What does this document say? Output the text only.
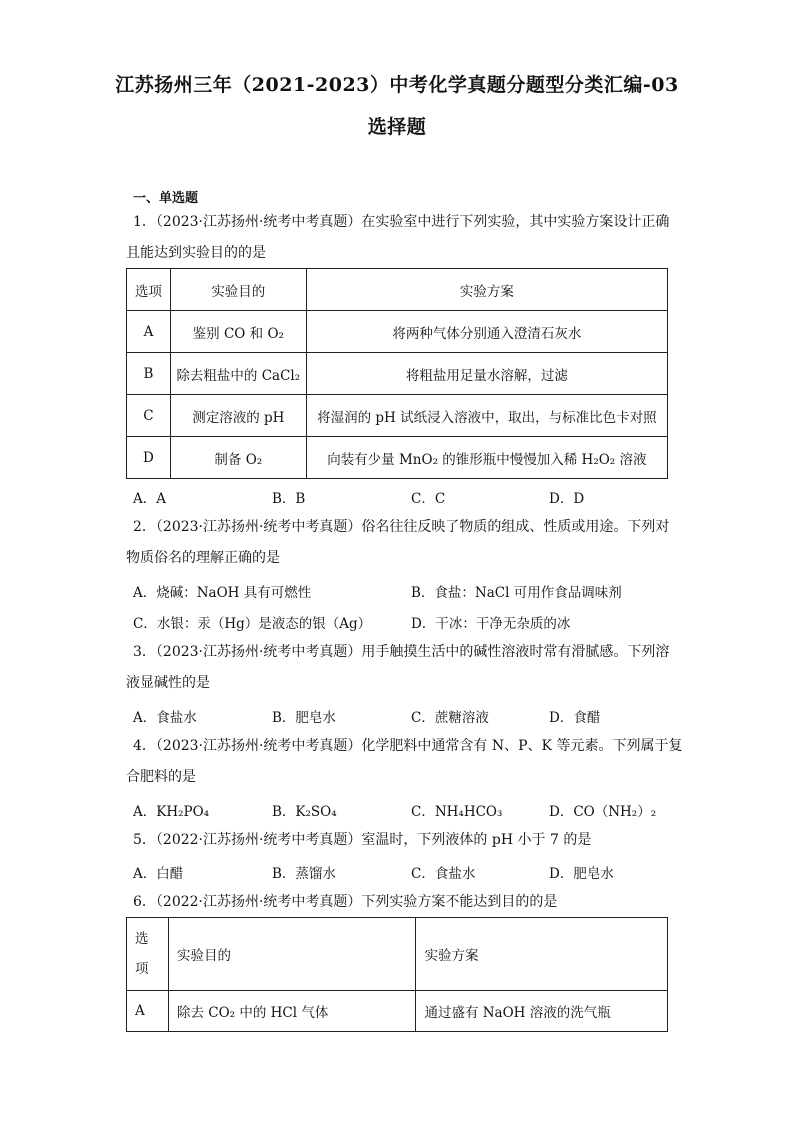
江苏扬州三年（2021-2023）中考化学真题分题型分类汇编-03
选择题
一、单选题
1．（2023·江苏扬州·统考中考真题）在实验室中进行下列实验，其中实验方案设计正确
且能达到实验目的的是
选项	实验目的	实验方案
A	鉴别 CO 和 O₂	将两种气体分别通入澄清石灰水
B	除去粗盐中的 CaCl₂	将粗盐用足量水溶解，过滤
C	测定溶液的 pH	将湿润的 pH 试纸浸入溶液中，取出，与标准比色卡对照
D	制备 O₂	向装有少量 MnO₂ 的锥形瓶中慢慢加入稀 H₂O₂ 溶液
A．A	B．B	C．C	D．D
2．（2023·江苏扬州·统考中考真题）俗名往往反映了物质的组成、性质或用途。下列对
物质俗名的理解正确的是
A．烧碱：NaOH 具有可燃性	B．食盐：NaCl 可用作食品调味剂
C．水银：汞（Hg）是液态的银（Ag）	D．干冰：干净无杂质的冰
3．（2023·江苏扬州·统考中考真题）用手触摸生活中的碱性溶液时常有滑腻感。下列溶
液显碱性的是
A．食盐水	B．肥皂水	C．蔗糖溶液	D．食醋
4．（2023·江苏扬州·统考中考真题）化学肥料中通常含有 N、P、K 等元素。下列属于复
合肥料的是
A．KH₂PO₄	B．K₂SO₄	C．NH₄HCO₃	D．CO（NH₂）₂
5．（2022·江苏扬州·统考中考真题）室温时，下列液体的 pH 小于 7 的是
A．白醋	B．蒸馏水	C．食盐水	D．肥皂水
6．（2022·江苏扬州·统考中考真题）下列实验方案不能达到目的的是
选项	实验目的	实验方案
A	除去 CO₂ 中的 HCl 气体	通过盛有 NaOH 溶液的洗气瓶
